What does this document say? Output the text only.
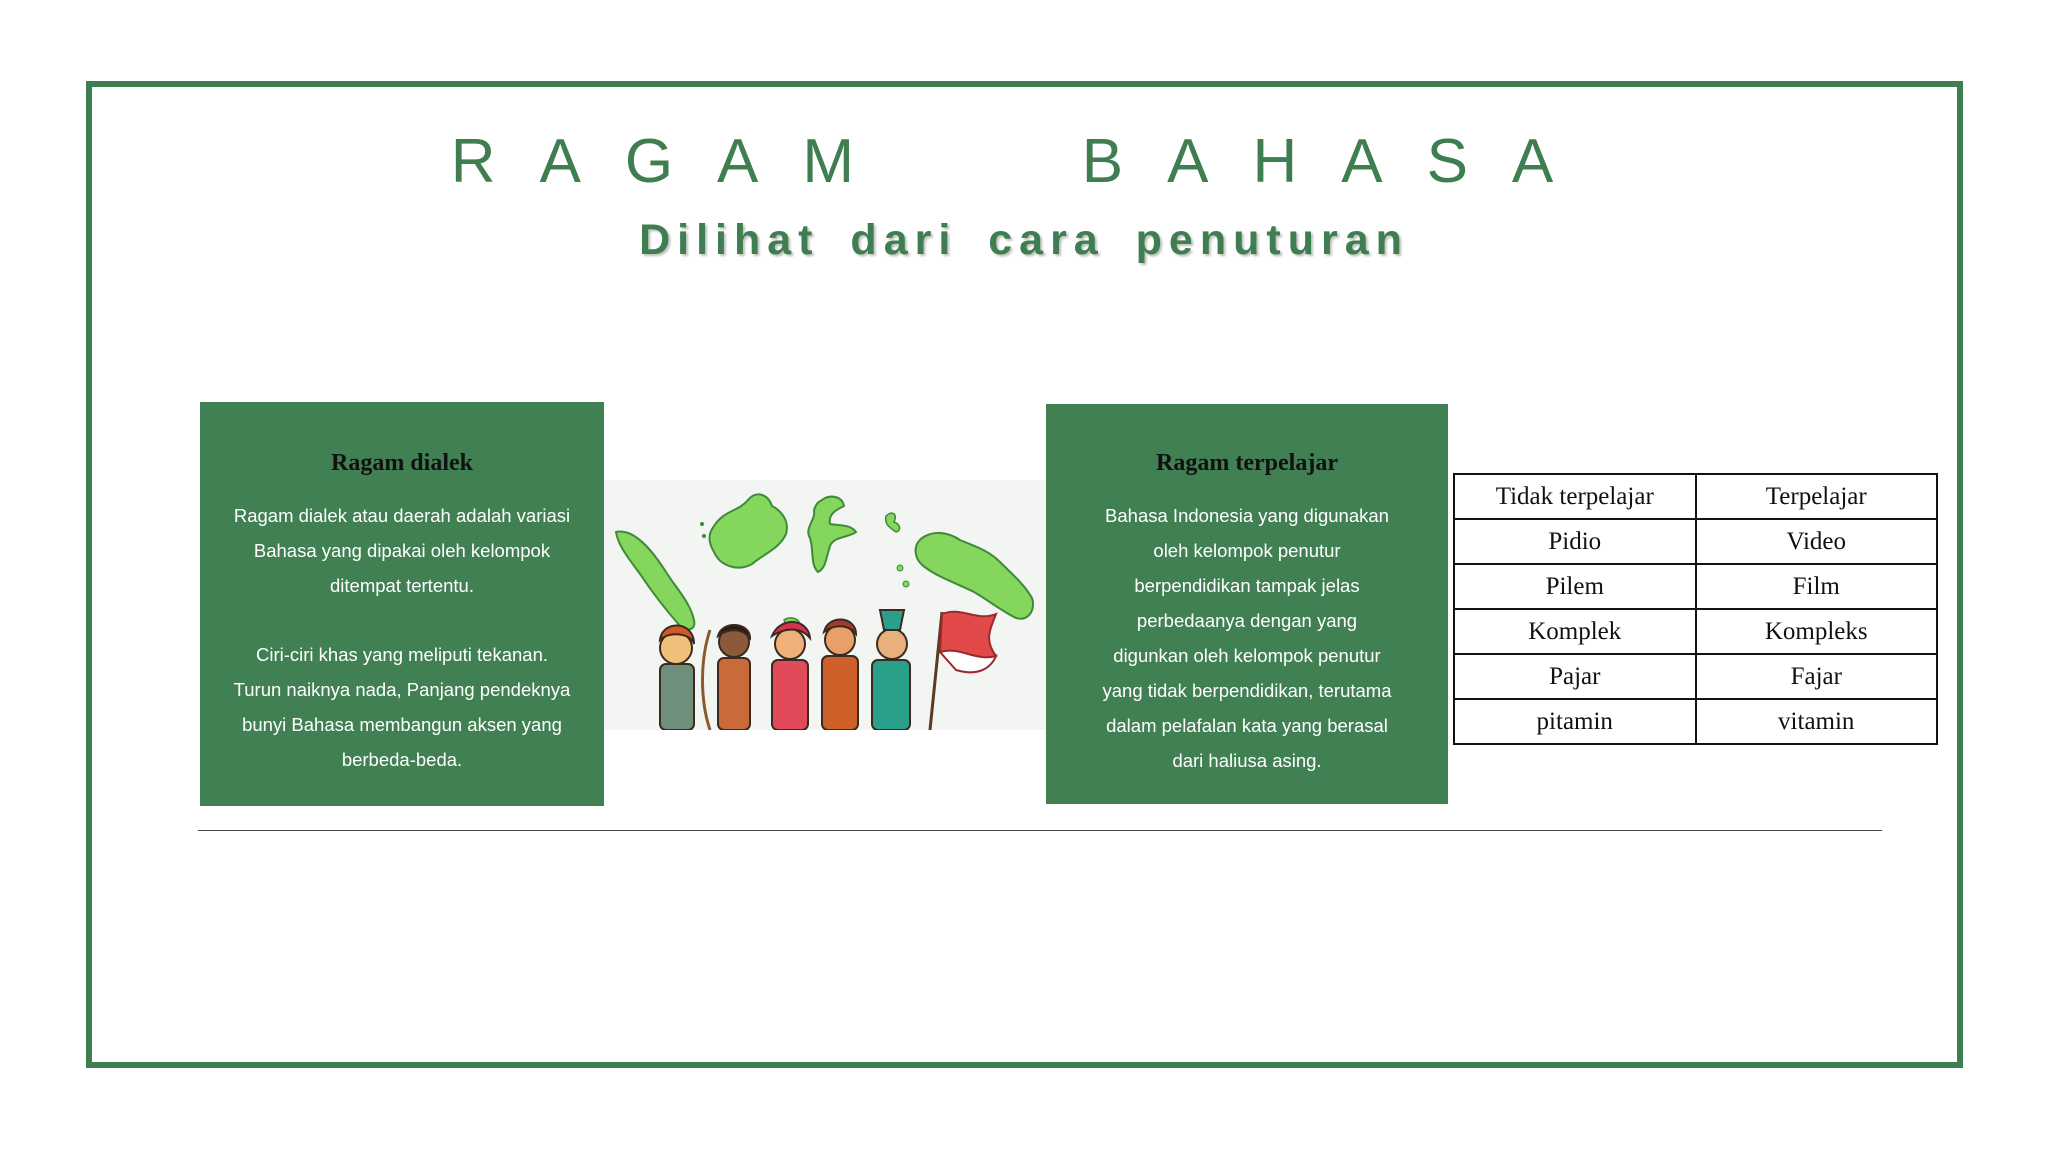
RAGAM   BAHASA
Dilihat dari cara penuturan
Ragam dialek

Ragam dialek atau daerah adalah variasi
Bahasa yang dipakai oleh kelompok
ditempat tertentu.

Ciri-ciri khas yang meliputi tekanan.
Turun naiknya nada, Panjang pendeknya
bunyi Bahasa membangun aksen yang
berbeda-beda.

Ragam terpelajar

Bahasa Indonesia yang digunakan
oleh kelompok penutur
berpendidikan tampak jelas
perbedaanya dengan yang
digunkan oleh kelompok penutur
yang tidak berpendidikan, terutama
dalam pelafalan kata yang berasal
dari haliusa asing.

Tidak terpelajar	Terpelajar
Pidio	Video
Pilem	Film
Komplek	Kompleks
Pajar	Fajar
pitamin	vitamin
